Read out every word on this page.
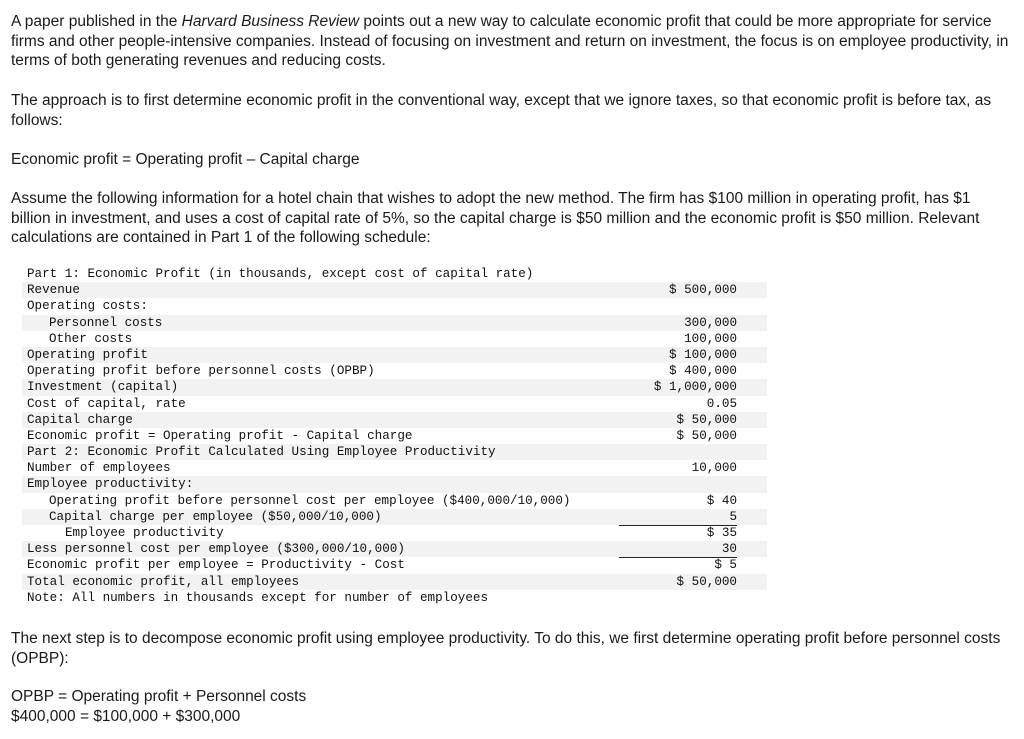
A paper published in the Harvard Business Review points out a new way to calculate economic profit that could be more appropriate for service firms and other people-intensive companies. Instead of focusing on investment and return on investment, the focus is on employee productivity, in terms of both generating revenues and reducing costs.

The approach is to first determine economic profit in the conventional way, except that we ignore taxes, so that economic profit is before tax, as follows:

Economic profit = Operating profit – Capital charge

Assume the following information for a hotel chain that wishes to adopt the new method. The firm has $100 million in operating profit, has $1 billion in investment, and uses a cost of capital rate of 5%, so the capital charge is $50 million and the economic profit is $50 million. Relevant calculations are contained in Part 1 of the following schedule:

Part 1: Economic Profit (in thousands, except cost of capital rate)
Revenue	$ 500,000
Operating costs:
Personnel costs	300,000
Other costs	100,000
Operating profit	$ 100,000
Operating profit before personnel costs (OPBP)	$ 400,000
Investment (capital)	$ 1,000,000
Cost of capital, rate	0.05
Capital charge	$ 50,000
Economic profit = Operating profit - Capital charge	$ 50,000
Part 2: Economic Profit Calculated Using Employee Productivity
Number of employees	10,000
Employee productivity:
Operating profit before personnel cost per employee ($400,000/10,000)	$ 40
Capital charge per employee ($50,000/10,000)	5
Employee productivity	$ 35
Less personnel cost per employee ($300,000/10,000)	30
Economic profit per employee = Productivity - Cost	$ 5
Total economic profit, all employees	$ 50,000
Note: All numbers in thousands except for number of employees

The next step is to decompose economic profit using employee productivity. To do this, we first determine operating profit before personnel costs (OPBP):

OPBP = Operating profit + Personnel costs

$400,000 = $100,000 + $300,000
